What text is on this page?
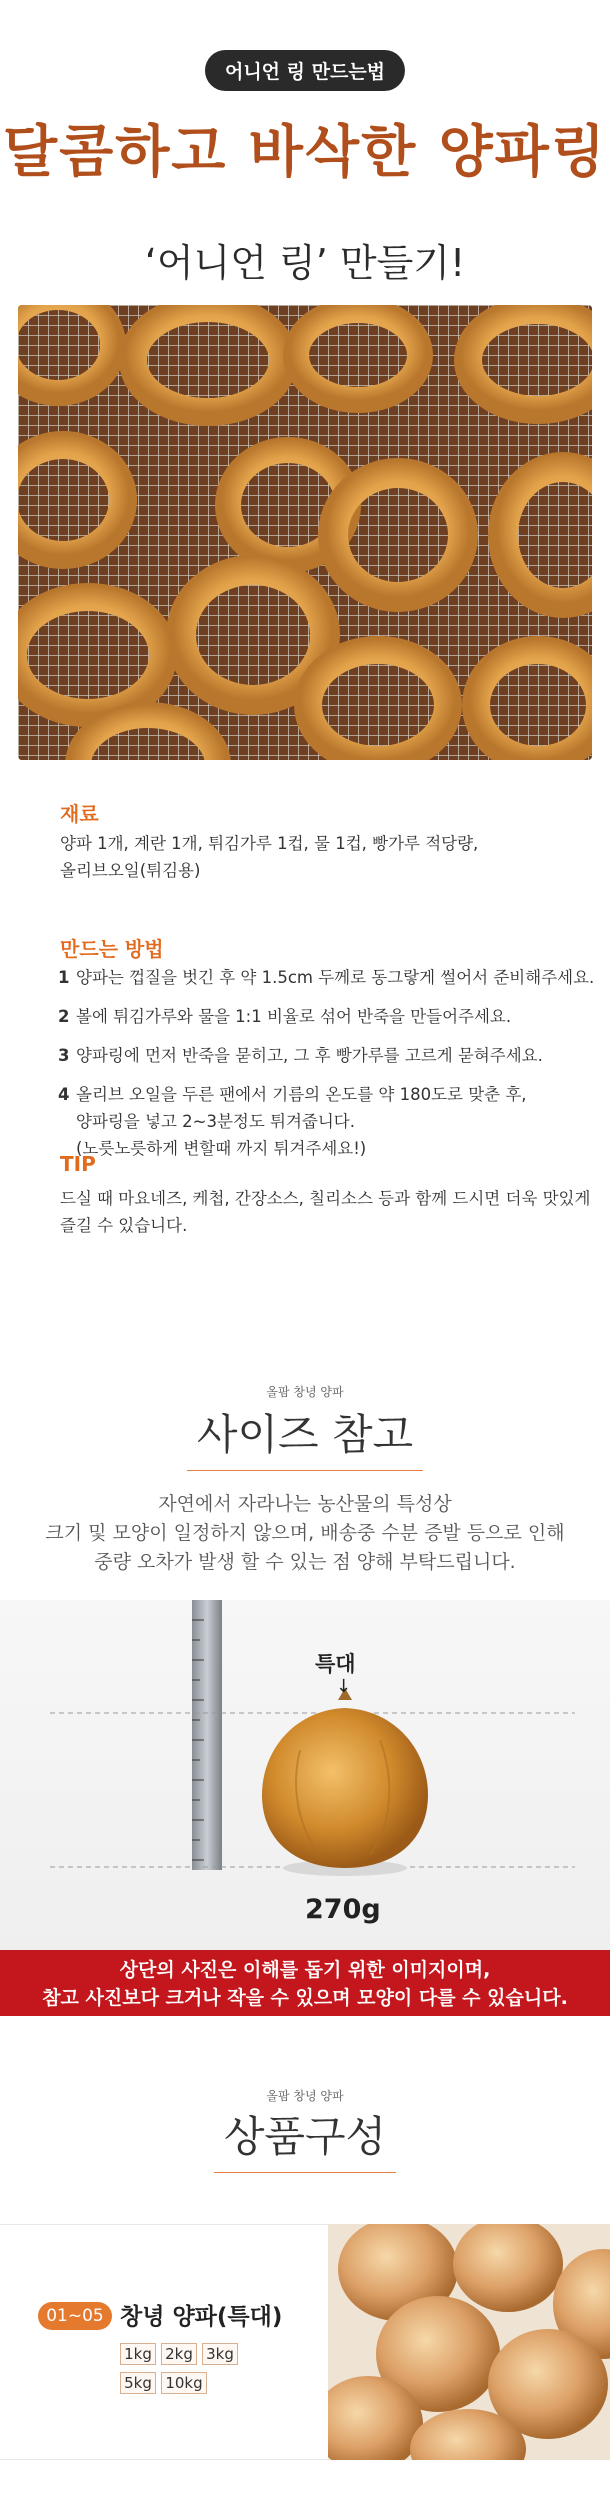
어니언 링 만드는법
달콤하고 바삭한 양파링
‘어니언 링’ 만들기!
재료
양파 1개, 계란 1개, 튀김가루 1컵, 물 1컵, 빵가루 적당량,
올리브오일(튀김용)
만드는 방법
1 양파는 껍질을 벗긴 후 약 1.5cm 두께로 동그랗게 썰어서 준비해주세요.
2 볼에 튀김가루와 물을 1:1 비율로 섞어 반죽을 만들어주세요.
3 양파링에 먼저 반죽을 묻히고, 그 후 빵가루를 고르게 묻혀주세요.
4 올리브 오일을 두른 팬에서 기름의 온도를 약 180도로 맞춘 후,
양파링을 넣고 2~3분정도 튀겨줍니다.
(노릇노릇하게 변할때 까지 튀겨주세요!)
TIP
드실 때 마요네즈, 케첩, 간장소스, 칠리소스 등과 함께 드시면 더욱 맛있게
즐길 수 있습니다.
올팜 창녕 양파
사이즈 참고
자연에서 자라나는 농산물의 특성상
크기 및 모양이 일정하지 않으며, 배송중 수분 증발 등으로 인해
중량 오차가 발생 할 수 있는 점 양해 부탁드립니다.
특대
↓
270g
상단의 사진은 이해를 돕기 위한 이미지이며,
참고 사진보다 크거나 작을 수 있으며 모양이 다를 수 있습니다.
올팜 창녕 양파
상품구성
01~05 창녕 양파(특대)
1kg 2kg 3kg
5kg 10kg
